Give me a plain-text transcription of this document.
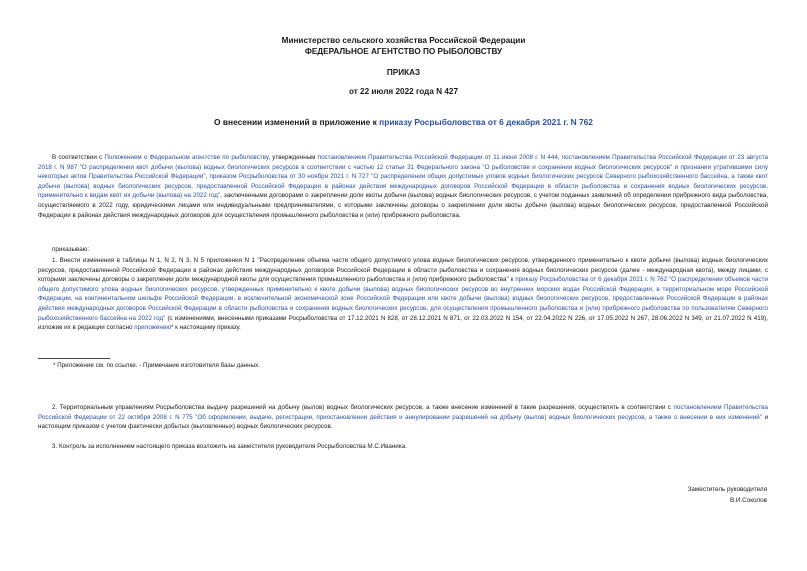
Министерство сельского хозяйства Российской Федерации
ФЕДЕРАЛЬНОЕ АГЕНТСТВО ПО РЫБОЛОВСТВУ
ПРИКАЗ
от 22 июля 2022 года N 427
О внесении изменений в приложение к приказу Росрыболовства от 6 декабря 2021 г. N 762

В соответствии с Положением о Федеральном агентстве по рыболовству, утвержденным постановлением Правительства Российской Федерации от 11 июня 2008 г. N 444, постановлением Правительства Российской Федерации от 23 августа 2018 г. N 987 "О распределении квот добычи (вылова) водных биологических ресурсов в соответствии с частью 12 статьи 31 Федерального закона "О рыболовстве и сохранении водных биологических ресурсов" и признании утратившими силу некоторых актов Правительства Российской Федерации", приказом Росрыболовства от 30 ноября 2021 г. N 727 "О распределении общих допустимых уловов водных биологических ресурсов Северного рыбохозяйственного бассейна, а также квот добычи (вылова) водных биологических ресурсов, предоставленной Российской Федерации в районах действия международных договоров Российской Федерации в области рыболовства и сохранения водных биологических ресурсов, применительно к видам квот их добычи (вылова) на 2022 год", заключенными договорами о закреплении доли квоты добычи (вылова) водных биологических ресурсов, с учетом поданных заявлений об определении прибрежного вида рыболовства, осуществляемого в 2022 году, юридическими лицами или индивидуальными предпринимателями, с которыми заключены договоры о закреплении доли квоты добычи (вылова) водных биологических ресурсов, предоставленной Российской Федерации в районах действия международных договоров для осуществления промышленного рыболовства и (или) прибрежного рыболовства,

приказываю:

1. Внести изменения в таблицы N 1, N 2, N 3, N 5 приложения N 1 "Распределение объема части общего допустимого улова водных биологических ресурсов, утвержденного применительно к квоте добычи (вылова) водных биологических ресурсов, предоставленной Российской Федерации в районах действия международных договоров Российской Федерации в области рыболовства и сохранения водных биологических ресурсов (далее - международная квота), между лицами, с которыми заключены договоры о закреплении доли международной квоты для осуществления промышленного рыболовства и (или) прибрежного рыболовства" к приказу Росрыболовства от 6 декабря 2021 г. N 762 "О распределении объемов части общего допустимого улова водных биологических ресурсов, утвержденных применительно к квоте добычи (вылова) водных биологических ресурсов во внутренних морских водах Российской Федерации, в территориальном море Российской Федерации, на континентальном шельфе Российской Федерации, в исключительной экономической зоне Российской Федерации или квоте добычи (вылова) водных биологических ресурсов, предоставленных Российской Федерации в районах действия международных договоров Российской Федерации в области рыболовства и сохранения водных биологических ресурсов, для осуществления промышленного рыболовства и (или) прибрежного рыболовства по пользователям Северного рыбохозяйственного бассейна на 2022 год" (с изменениями, внесенными приказами Росрыболовства от 17.12.2021 N 828, от 28.12.2021 N 871, от 22.03.2022 N 154, от 22.04.2022 N 226, от 17.05.2022 N 267, 28.06.2022 N 349, от 21.07.2022 N 419), изложив их в редакции согласно приложению* к настоящему приказу.

* Приложение см. по ссылке. - Примечание изготовителя базы данных.

2. Территориальным управлениям Росрыболовства выдачу разрешений на добычу (вылов) водных биологических ресурсов, а также внесение изменений в такие разрешения, осуществлять в соответствии с постановлением Правительства Российской Федерации от 22 октября 2008 г. N 775 "Об оформлении, выдаче, регистрации, приостановлении действия и аннулировании разрешений на добычу (вылов) водных биологических ресурсов, а также о внесении в них изменений" и настоящим приказом с учетом фактически добытых (выловленных) водных биологических ресурсов.

3. Контроль за исполнением настоящего приказа возложить на заместителя руководителя Росрыболовства М.С.Иваника.

Заместитель руководителя
В.И.Соколов
